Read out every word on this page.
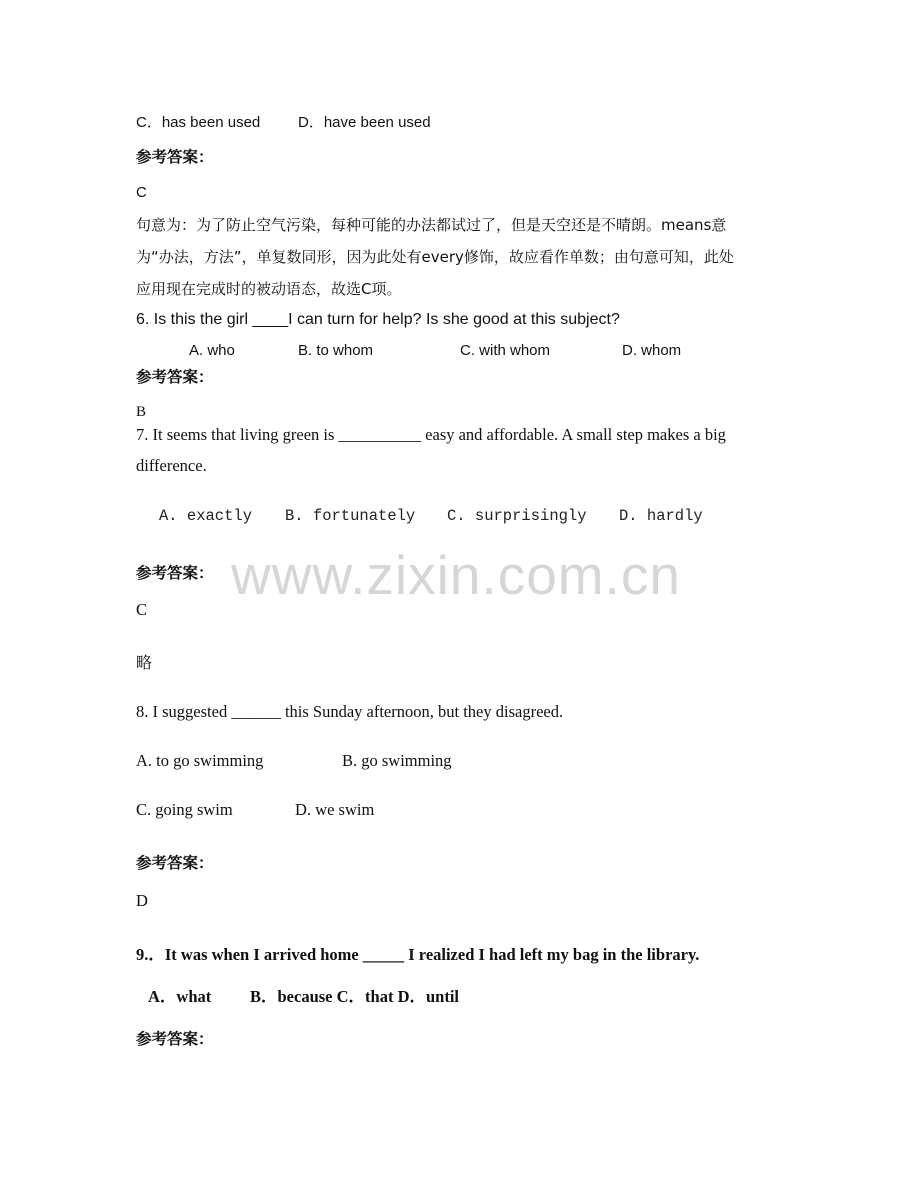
www.zixin.com.cn
C．has been used	D．have been used
参考答案：
C
句意为：为了防止空气污染，每种可能的办法都试过了，但是天空还是不晴朗。means意
为“办法，方法”，单复数同形，因为此处有every修饰，故应看作单数；由句意可知，此处
应用现在完成时的被动语态，故选C项。
6. Is this the girl ____I can turn for help? Is she good at this subject?
A. who	B. to whom	C. with whom	D. whom
参考答案：
B
7. It seems that living green is __________ easy and affordable. A small step makes a big
difference.
A. exactly B. fortunately C. surprisingly D. hardly
参考答案：
C
略
8. I suggested ______ this Sunday afternoon, but they disagreed.
A. to go swimming	B. go swimming
C. going swim	D. we swim
参考答案：
D
9.．It was when I arrived home _____ I realized I had left my bag in the library.
A．what B．because C．that D．until
参考答案：
